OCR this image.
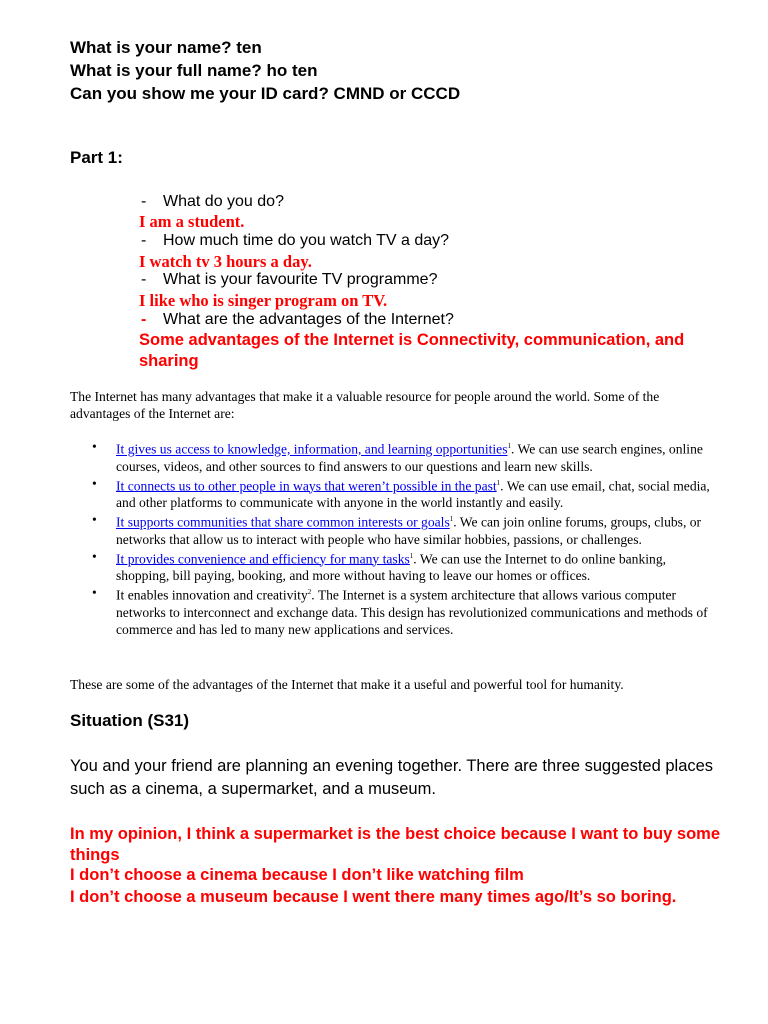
What is your name? ten
What is your full name? ho ten
Can you show me your ID card? CMND or CCCD
Part 1:
- What do you do?
I am a student.
- How much time do you watch TV a day?
I watch tv 3 hours a day.
- What is your favourite TV programme?
I like who is singer program on TV.
- What are the advantages of the Internet?
Some advantages of the Internet is Connectivity, communication, and sharing
The Internet has many advantages that make it a valuable resource for people around the world. Some of the advantages of the Internet are:
• It gives us access to knowledge, information, and learning opportunities$^1$. We can use search engines, online courses, videos, and other sources to find answers to our questions and learn new skills.
• It connects us to other people in ways that weren’t possible in the past$^1$. We can use email, chat, social media, and other platforms to communicate with anyone in the world instantly and easily.
• It supports communities that share common interests or goals$^1$. We can join online forums, groups, clubs, or networks that allow us to interact with people who have similar hobbies, passions, or challenges.
• It provides convenience and efficiency for many tasks$^1$. We can use the Internet to do online banking, shopping, bill paying, booking, and more without having to leave our homes or offices.
• It enables innovation and creativity$^2$. The Internet is a system architecture that allows various computer networks to interconnect and exchange data. This design has revolutionized communications and methods of commerce and has led to many new applications and services.
These are some of the advantages of the Internet that make it a useful and powerful tool for humanity.
Situation (S31)
You and your friend are planning an evening together. There are three suggested places such as a cinema, a supermarket, and a museum.
In my opinion, I think a supermarket is the best choice because I want to buy some things
I don’t choose a cinema because I don’t like watching film
I don’t choose a museum because I went there many times ago/It’s so boring.
